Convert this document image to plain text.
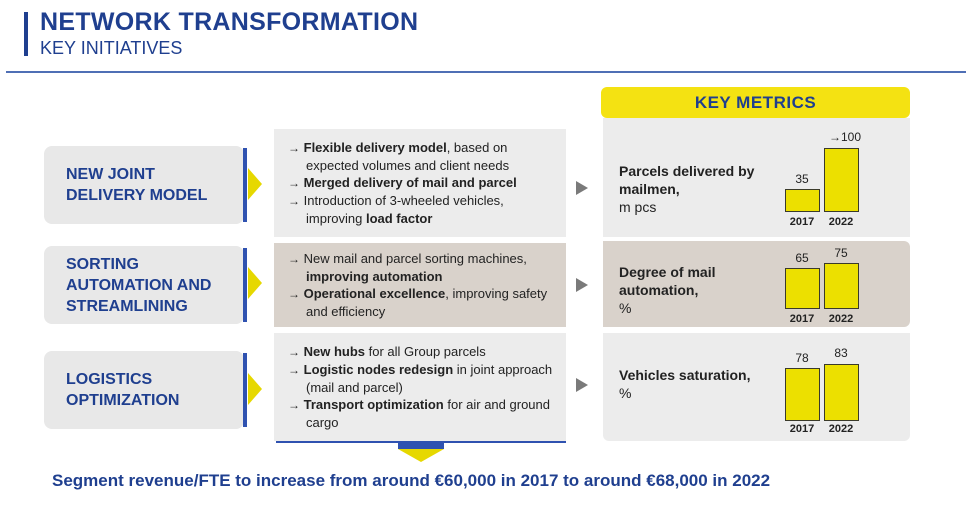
NETWORK TRANSFORMATION
KEY INITIATIVES
KEY METRICS
NEW JOINT
DELIVERY MODEL
→ Flexible delivery model, based on expected volumes and client needs
→ Merged delivery of mail and parcel
→ Introduction of 3-wheeled vehicles, improving load factor
Parcels delivered by mailmen,
m pcs
35
→100
2017	2022
SORTING
AUTOMATION AND
STREAMLINING
→ New mail and parcel sorting machines, improving automation
→ Operational excellence, improving safety and efficiency
Degree of mail automation,
%
65	75
2017	2022
LOGISTICS
OPTIMIZATION
→ New hubs for all Group parcels
→ Logistic nodes redesign in joint approach (mail and parcel)
→ Transport optimization for air and ground cargo
Vehicles saturation,
%
78	83
2017	2022
Segment revenue/FTE to increase from around €60,000 in 2017 to around €68,000 in 2022
